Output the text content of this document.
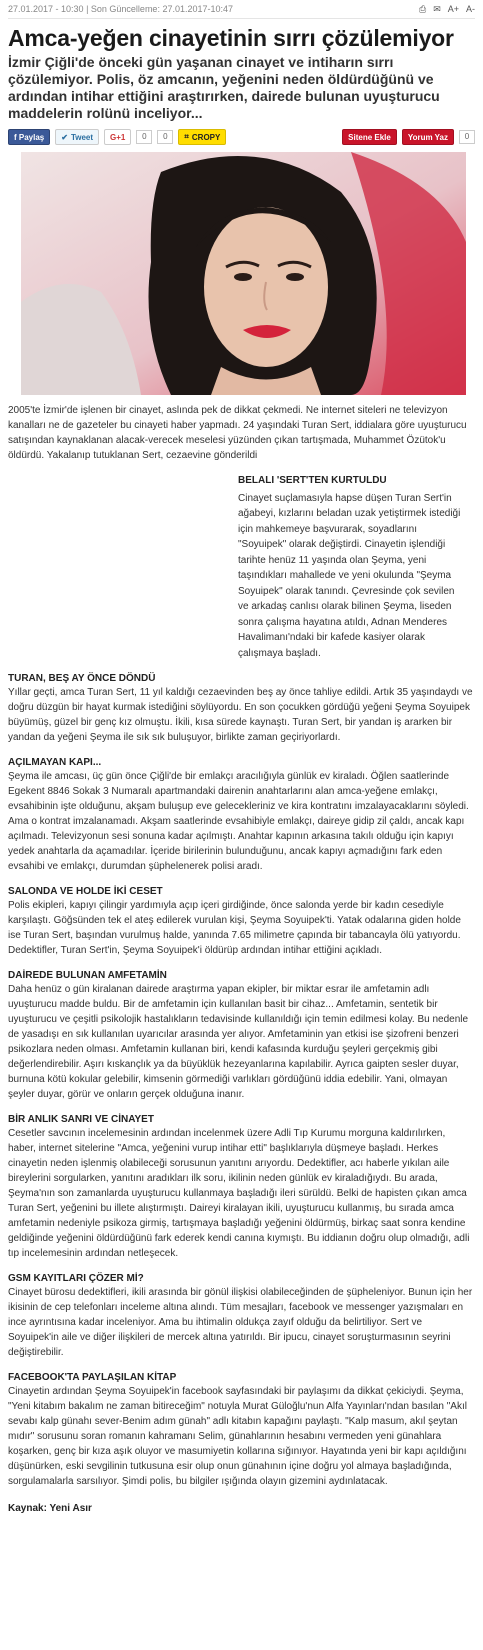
27.01.2017 - 10:30 | Son Güncelleme: 27.01.2017-10:47	⎙ ✉ A+ A-
Amca-yeğen cinayetinin sırrı çözülemiyor
İzmir Çiğli'de önceki gün yaşanan cinayet ve intiharın sırrı çözülemiyor. Polis, öz amcanın, yeğenini neden öldürdüğünü ve ardından intihar ettiğini araştırırken, dairede bulunan uyuşturucu maddelerin rolünü inceliyor...
f Paylaş	✔ Tweet	G+1	0	0	⌗ CROPY	Sitene Ekle	Yorum Yaz	0

2005'te İzmir'de işlenen bir cinayet, aslında pek de dikkat çekmedi. Ne internet siteleri ne televizyon kanalları ne de gazeteler bu cinayeti haber yapmadı. 24 yaşındaki Turan Sert, iddialara göre uyuşturucu satışından kaynaklanan alacak-verecek meselesi yüzünden çıkan tartışmada, Muhammet Özütok'u öldürdü. Yakalanıp tutuklanan Sert, cezaevine gönderildi

BELALI 'SERT'TEN KURTULDU
Cinayet suçlamasıyla hapse düşen Turan Sert'in ağabeyi, kızlarını beladan uzak yetiştirmek istediği için mahkemeye başvurarak, soyadlarını "Soyuipek" olarak değiştirdi. Cinayetin işlendiği tarihte henüz 11 yaşında olan Şeyma, yeni taşındıkları mahallede ve yeni okulunda "Şeyma Soyuipek" olarak tanındı. Çevresinde çok sevilen ve arkadaş canlısı olarak bilinen Şeyma, liseden sonra çalışma hayatına atıldı, Adnan Menderes Havalimanı'ndaki bir kafede kasiyer olarak çalışmaya başladı.
TURAN, BEŞ AY ÖNCE DÖNDÜ

Yıllar geçti, amca Turan Sert, 11 yıl kaldığı cezaevinden beş ay önce tahliye edildi. Artık 35 yaşındaydı ve doğru düzgün bir hayat kurmak istediğini söylüyordu. En son çocukken gördüğü yeğeni Şeyma Soyuipek büyümüş, güzel bir genç kız olmuştu. İkili, kısa sürede kaynaştı. Turan Sert, bir yandan iş ararken bir yandan da yeğeni Şeyma ile sık sık buluşuyor, birlikte zaman geçiriyorlardı.

AÇILMAYAN KAPI...

Şeyma ile amcası, üç gün önce Çiğli'de bir emlakçı aracılığıyla günlük ev kiraladı. Öğlen saatlerinde Egekent 8846 Sokak 3 Numaralı apartmandaki dairenin anahtarlarını alan amca-yeğene emlakçı, evsahibinin işte olduğunu, akşam buluşup eve gelecekleriniz ve kira kontratını imzalayacaklarını söyledi. Ama o kontrat imzalanamadı. Akşam saatlerinde evsahibiyle emlakçı, daireye gidip zil çaldı, ancak kapı açılmadı. Televizyonun sesi sonuna kadar açılmıştı. Anahtar kapının arkasına takılı olduğu için kapıyı yedek anahtarla da açamadılar. İçeride birilerinin bulunduğunu, ancak kapıyı açmadığını fark eden evsahibi ve emlakçı, durumdan şüphelenerek polisi aradı.

SALONDA VE HOLDE İKİ CESET

Polis ekipleri, kapıyı çilingir yardımıyla açıp içeri girdiğinde, önce salonda yerde bir kadın cesediyle karşılaştı. Göğsünden tek el ateş edilerek vurulan kişi, Şeyma Soyuipek'ti. Yatak odalarına giden holde ise Turan Sert, başından vurulmuş halde, yanında 7.65 milimetre çapında bir tabancayla ölü yatıyordu. Dedektifler, Turan Sert'in, Şeyma Soyuipek'i öldürüp ardından intihar ettiğini açıkladı.

DAİREDE BULUNAN AMFETAMİN

Daha henüz o gün kiralanan dairede araştırma yapan ekipler, bir miktar esrar ile amfetamin adlı uyuşturucu madde buldu. Bir de amfetamin için kullanılan basit bir cihaz... Amfetamin, sentetik bir uyuşturucu ve çeşitli psikolojik hastalıkların tedavisinde kullanıldığı için temin edilmesi kolay. Bu nedenle de yasadışı en sık kullanılan uyarıcılar arasında yer alıyor. Amfetaminin yan etkisi ise şizofreni benzeri psikozlara neden olması. Amfetamin kullanan biri, kendi kafasında kurduğu şeyleri gerçekmiş gibi değerlendirebilir. Aşırı kıskançlık ya da büyüklük hezeyanlarına kapılabilir. Ayrıca gaipten sesler duyar, burnuna kötü kokular gelebilir, kimsenin görmediği varlıkları gördüğünü iddia edebilir. Yani, olmayan şeyler duyar, görür ve onların gerçek olduğuna inanır.

BİR ANLIK SANRI VE CİNAYET

Cesetler savcının incelemesinin ardından incelenmek üzere Adli Tıp Kurumu morguna kaldırılırken, haber, internet sitelerine "Amca, yeğenini vurup intihar etti" başlıklarıyla düşmeye başladı. Herkes cinayetin neden işlenmiş olabileceği sorusunun yanıtını arıyordu. Dedektifler, acı haberle yıkılan aile bireylerini sorgularken, yanıtını aradıkları ilk soru, ikilinin neden günlük ev kiraladığıydı. Bu arada, Şeyma'nın son zamanlarda uyuşturucu kullanmaya başladığı ileri sürüldü. Belki de hapisten çıkan amca Turan Sert, yeğenini bu illete alıştırmıştı. Daireyi kiralayan ikili, uyuşturucu kullanmış, bu sırada amca amfetamin nedeniyle psikoza girmiş, tartışmaya başladığı yeğenini öldürmüş, birkaç saat sonra kendine geldiğinde yeğenini öldürdüğünü fark ederek kendi canına kıymıştı. Bu iddianın doğru olup olmadığı, adli tıp incelemesinin ardından netleşecek.

GSM KAYITLARI ÇÖZER Mİ?

Cinayet bürosu dedektifleri, ikili arasında bir gönül ilişkisi olabileceğinden de şüpheleniyor. Bunun için her ikisinin de cep telefonları inceleme altına alındı. Tüm mesajları, facebook ve messenger yazışmaları en ince ayrıntısına kadar inceleniyor. Ama bu ihtimalin oldukça zayıf olduğu da belirtiliyor. Sert ve Soyuipek'in aile ve diğer ilişkileri de mercek altına yatırıldı. Bir ipucu, cinayet soruşturmasının seyrini değiştirebilir.

FACEBOOK'TA PAYLAŞILAN KİTAP

Cinayetin ardından Şeyma Soyuipek'in facebook sayfasındaki bir paylaşımı da dikkat çekiciydi. Şeyma, "Yeni kitabım bakalım ne zaman bitireceğim" notuyla Murat Güloğlu'nun Alfa Yayınları'ndan basılan "Akıl sevabı kalp günahı sever-Benim adım günah" adlı kitabın kapağını paylaştı. "Kalp masum, akıl şeytan mıdır" sorusunu soran romanın kahramanı Selim, günahlarının hesabını vermeden yeni günahlara koşarken, genç bir kıza aşık oluyor ve masumiyetin kollarına sığınıyor. Hayatında yeni bir kapı açıldığını düşünürken, eski sevgilinin tutkusuna esir olup onun günahının içine doğru yol almaya başladığında, sorgulamalarla sarsılıyor. Şimdi polis, bu bilgiler ışığında olayın gizemini aydınlatacak.

Kaynak: Yeni Asır
